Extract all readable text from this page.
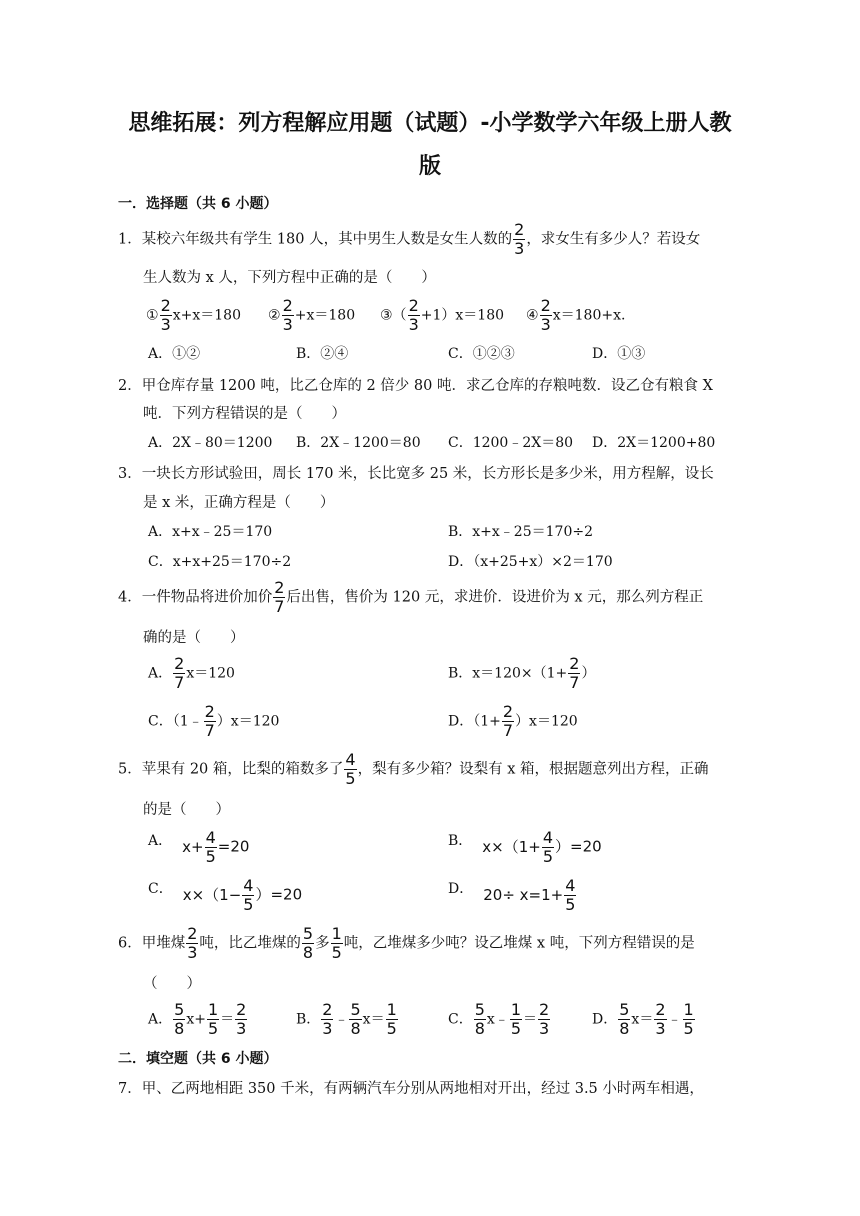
思维拓展：列方程解应用题（试题）-小学数学六年级上册人教
版
一．选择题（共 6 小题）
1．某校六年级共有学生 180 人，其中男生人数是女生人数的 $\frac{2}{3}$ ，求女生有多少人？若设女
生人数为 x 人，下列方程中正确的是（　　）
① $\frac{2}{3} x+x=180$ ② $\frac{2}{3} +x=180$ ③（ $\frac{2}{3} +1)x=180$ ④ $\frac{2}{3} x=180+x$.
A．①②	B．②④	C．①②③	D．①③
2．甲仓库存量 1200 吨，比乙仓库的 2 倍少 80 吨．求乙仓库的存粮吨数．设乙仓有粮食 X
吨．下列方程错误的是（　　）
A．2X﹣80＝1200 B．2X﹣1200＝80 C．1200﹣2X＝80 D．2X＝1200+80
3．一块长方形试验田，周长 170 米，长比宽多 25 米，长方形长是多少米，用方程解，设长
是 x 米，正确方程是（　　）
A．x+x﹣25＝170	B．x+x﹣25＝170÷2
C．x+x+25＝170÷2	D．（x+25+x）×2＝170
4．一件物品将进价加价 $\frac{2}{7}$ 后出售，售价为 120 元，求进价．设进价为 x 元，那么列方程正
确的是（　　）
A． $\frac{2}{7} x=120$	B．$x=120\times(1+ \frac{2}{7}$ ）
C．（1﹣ $\frac{2}{7} )x=120$	D．$(1+ \frac{2}{7} )x=120$
5．苹果有 20 箱，比梨的箱数多了 $\frac{4}{5}$ ，梨有多少箱？设梨有 x 箱，根据题意列出方程，正确
的是（　　）
A． $x+ \frac{4}{5} =20$	B． $x\times(1+ \frac{4}{5} )=20$
C． $x\times(1- \frac{4}{5} )=20$	D． $20\div x=1+ \frac{4}{5}$
6．甲堆煤 $\frac{2}{3}$ 吨，比乙堆煤的 $\frac{5}{8}$ 多 $\frac{1}{5}$ 吨，乙堆煤多少吨？设乙堆煤 x 吨，下列方程错误的是
（　　）
A． $\frac{5}{8} x+ \frac{1}{5} = \frac{2}{3}$	B． $\frac{2}{3}$ ﹣ $\frac{5}{8} x= \frac{1}{5}$	C． $\frac{5}{8}$ x﹣ $\frac{1}{5} = \frac{2}{3}$	D． $\frac{5}{8} x= \frac{2}{3}$ ﹣ $\frac{1}{5}$
二．填空题（共 6 小题）
7．甲、乙两地相距 350 千米，有两辆汽车分别从两地相对开出，经过 3.5 小时两车相遇，
